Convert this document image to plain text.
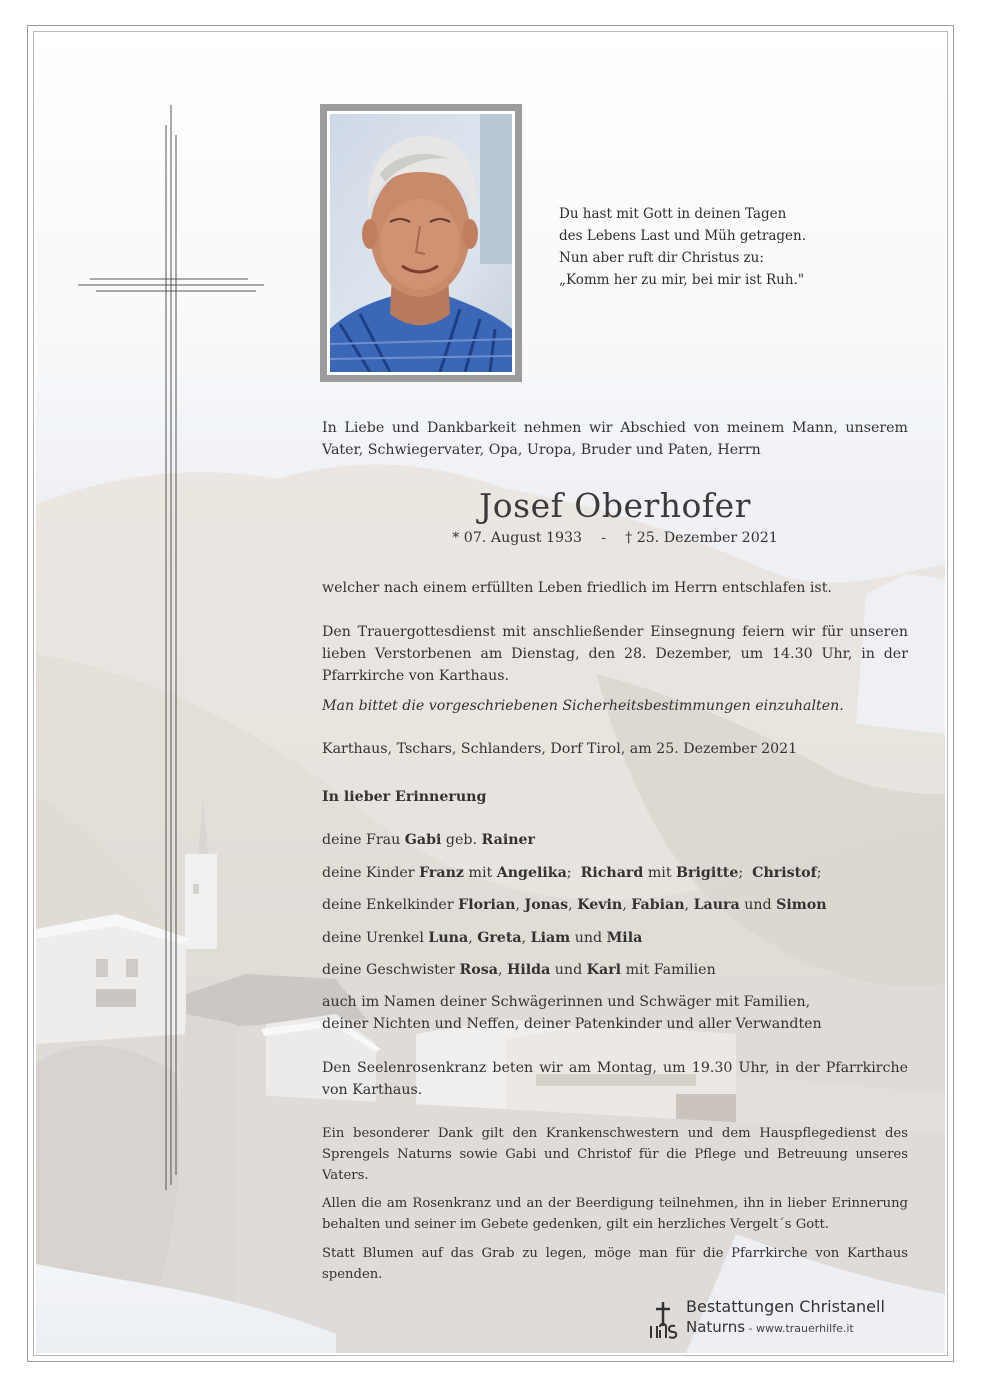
Du hast mit Gott in deinen Tagen
des Lebens Last und Müh getragen.
Nun aber ruft dir Christus zu:
„Komm her zu mir, bei mir ist Ruh."
In Liebe und Dankbarkeit nehmen wir Abschied von meinem Mann, unserem Vater, Schwiegervater, Opa, Uropa, Bruder und Paten, Herrn
Josef Oberhofer
* 07. August 1933 - † 25. Dezember 2021
welcher nach einem erfüllten Leben friedlich im Herrn entschlafen ist.
Den Trauergottesdienst mit anschließender Einsegnung feiern wir für unseren lieben Verstorbenen am Dienstag, den 28. Dezember, um 14.30 Uhr, in der Pfarrkirche von Karthaus.
Man bittet die vorgeschriebenen Sicherheitsbestimmungen einzuhalten.
Karthaus, Tschars, Schlanders, Dorf Tirol, am 25. Dezember 2021
In lieber Erinnerung
deine Frau Gabi geb. Rainer
deine Kinder Franz mit Angelika;  Richard mit Brigitte;  Christof;
deine Enkelkinder Florian, Jonas, Kevin, Fabian, Laura und Simon
deine Urenkel Luna, Greta, Liam und Mila
deine Geschwister Rosa, Hilda und Karl mit Familien
auch im Namen deiner Schwägerinnen und Schwäger mit Familien, deiner Nichten und Neffen, deiner Patenkinder und aller Verwandten
Den Seelenrosenkranz beten wir am Montag, um 19.30 Uhr, in der Pfarrkirche von Karthaus.
Ein besonderer Dank gilt den Krankenschwestern und dem Hauspflegedienst des Sprengels Naturns sowie Gabi und Christof für die Pflege und Betreuung unseres Vaters.
Allen die am Rosenkranz und an der Beerdigung teilnehmen, ihn in lieber Erinnerung behalten und seiner im Gebete gedenken, gilt ein herzliches Vergelt´s Gott.
Statt Blumen auf das Grab zu legen, möge man für die Pfarrkirche von Karthaus spenden.
Bestattungen Christanell
Naturns - www.trauerhilfe.it
